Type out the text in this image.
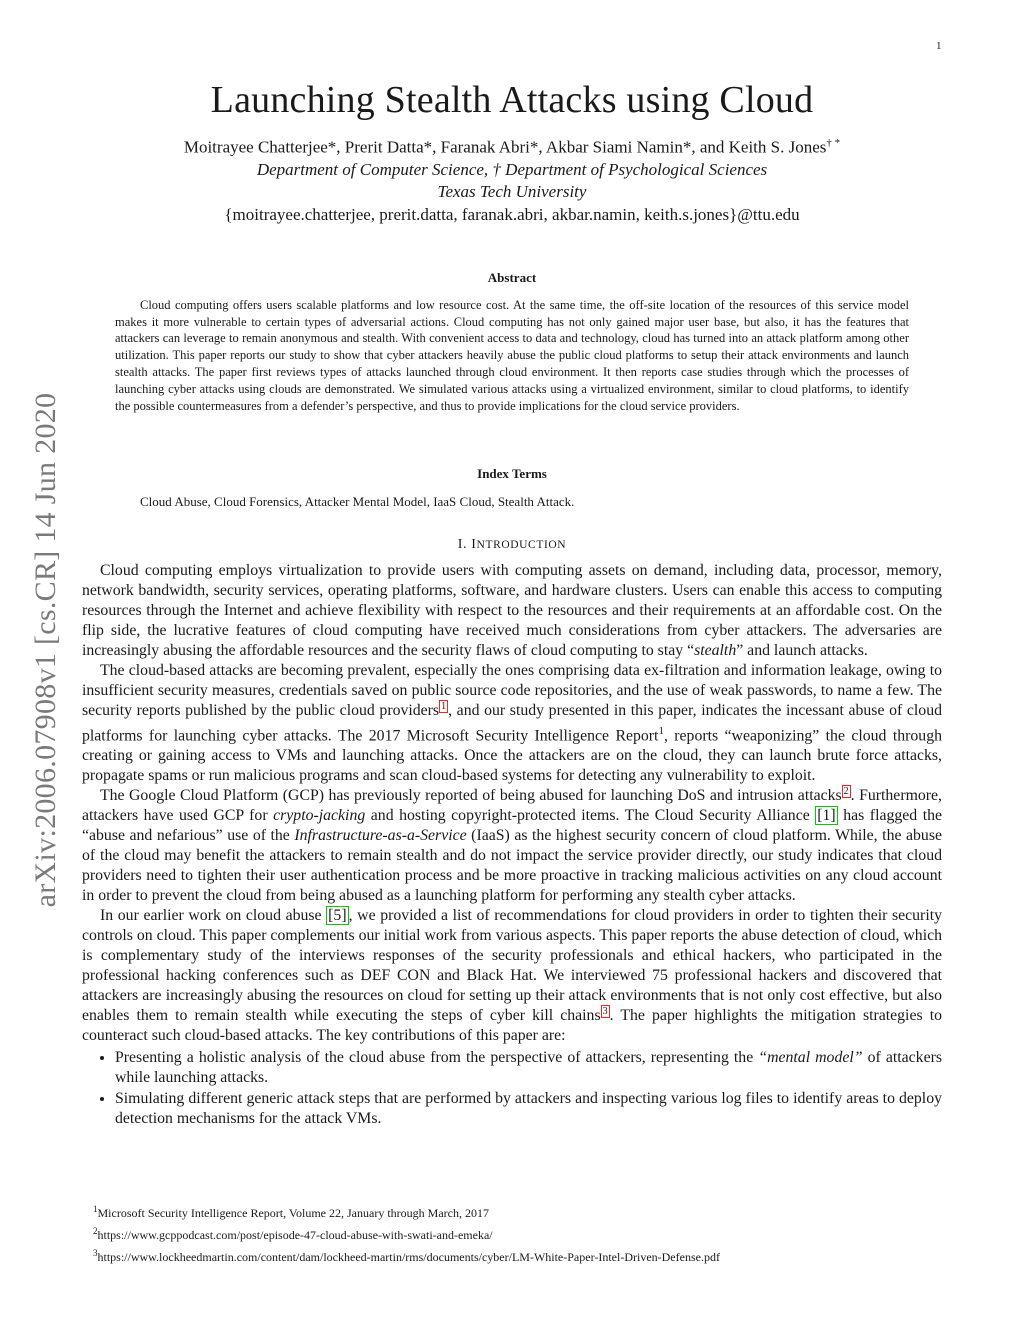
1
arXiv:2006.07908v1 [cs.CR] 14 Jun 2020
Launching Stealth Attacks using Cloud
Moitrayee Chatterjee*, Prerit Datta*, Faranak Abri*, Akbar Siami Namin*, and Keith S. Jones† *
Department of Computer Science, † Department of Psychological Sciences
Texas Tech University
{moitrayee.chatterjee, prerit.datta, faranak.abri, akbar.namin, keith.s.jones}@ttu.edu
Abstract

Cloud computing offers users scalable platforms and low resource cost. At the same time, the off-site location of the resources of this service model makes it more vulnerable to certain types of adversarial actions. Cloud computing has not only gained major user base, but also, it has the features that attackers can leverage to remain anonymous and stealth. With convenient access to data and technology, cloud has turned into an attack platform among other utilization. This paper reports our study to show that cyber attackers heavily abuse the public cloud platforms to setup their attack environments and launch stealth attacks. The paper first reviews types of attacks launched through cloud environment. It then reports case studies through which the processes of launching cyber attacks using clouds are demonstrated. We simulated various attacks using a virtualized environment, similar to cloud platforms, to identify the possible countermeasures from a defender’s perspective, and thus to provide implications for the cloud service providers.

Index Terms
Cloud Abuse, Cloud Forensics, Attacker Mental Model, IaaS Cloud, Stealth Attack.
I. INTRODUCTION

Cloud computing employs virtualization to provide users with computing assets on demand, including data, processor, memory, network bandwidth, security services, operating platforms, software, and hardware clusters. Users can enable this access to computing resources through the Internet and achieve flexibility with respect to the resources and their requirements at an affordable cost. On the flip side, the lucrative features of cloud computing have received much considerations from cyber attackers. The adversaries are increasingly abusing the affordable resources and the security flaws of cloud computing to stay “stealth” and launch attacks.

The cloud-based attacks are becoming prevalent, especially the ones comprising data ex-filtration and information leakage, owing to insufficient security measures, credentials saved on public source code repositories, and the use of weak passwords, to name a few. The security reports published by the public cloud providers $^1$ , and our study presented in this paper, indicates the incessant abuse of cloud platforms for launching cyber attacks. The 2017 Microsoft Security Intelligence Report$^1$, reports “weaponizing” the cloud through creating or gaining access to VMs and launching attacks. Once the attackers are on the cloud, they can launch brute force attacks, propagate spams or run malicious programs and scan cloud-based systems for detecting any vulnerability to exploit.

The Google Cloud Platform (GCP) has previously reported of being abused for launching DoS and intrusion attacks $^2$ . Furthermore, attackers have used GCP for crypto-jacking and hosting copyright-protected items. The Cloud Security Alliance [1] has flagged the “abuse and nefarious” use of the Infrastructure-as-a-Service (IaaS) as the highest security concern of cloud platform. While, the abuse of the cloud may benefit the attackers to remain stealth and do not impact the service provider directly, our study indicates that cloud providers need to tighten their user authentication process and be more proactive in tracking malicious activities on any cloud account in order to prevent the cloud from being abused as a launching platform for performing any stealth cyber attacks.

In our earlier work on cloud abuse [5] , we provided a list of recommendations for cloud providers in order to tighten their security controls on cloud. This paper complements our initial work from various aspects. This paper reports the abuse detection of cloud, which is complementary study of the interviews responses of the security professionals and ethical hackers, who participated in the professional hacking conferences such as DEF CON and Black Hat. We interviewed 75 professional hackers and discovered that attackers are increasingly abusing the resources on cloud for setting up their attack environments that is not only cost effective, but also enables them to remain stealth while executing the steps of cyber kill chains $^3$ . The paper highlights the mitigation strategies to counteract such cloud-based attacks. The key contributions of this paper are:

• Presenting a holistic analysis of the cloud abuse from the perspective of attackers, representing the “mental model” of attackers while launching attacks.
• Simulating different generic attack steps that are performed by attackers and inspecting various log files to identify areas to deploy detection mechanisms for the attack VMs.
$^1$Microsoft Security Intelligence Report, Volume 22, January through March, 2017
$^2$https://www.gcppodcast.com/post/episode-47-cloud-abuse-with-swati-and-emeka/
$^3$https://www.lockheedmartin.com/content/dam/lockheed-martin/rms/documents/cyber/LM-White-Paper-Intel-Driven-Defense.pdf
